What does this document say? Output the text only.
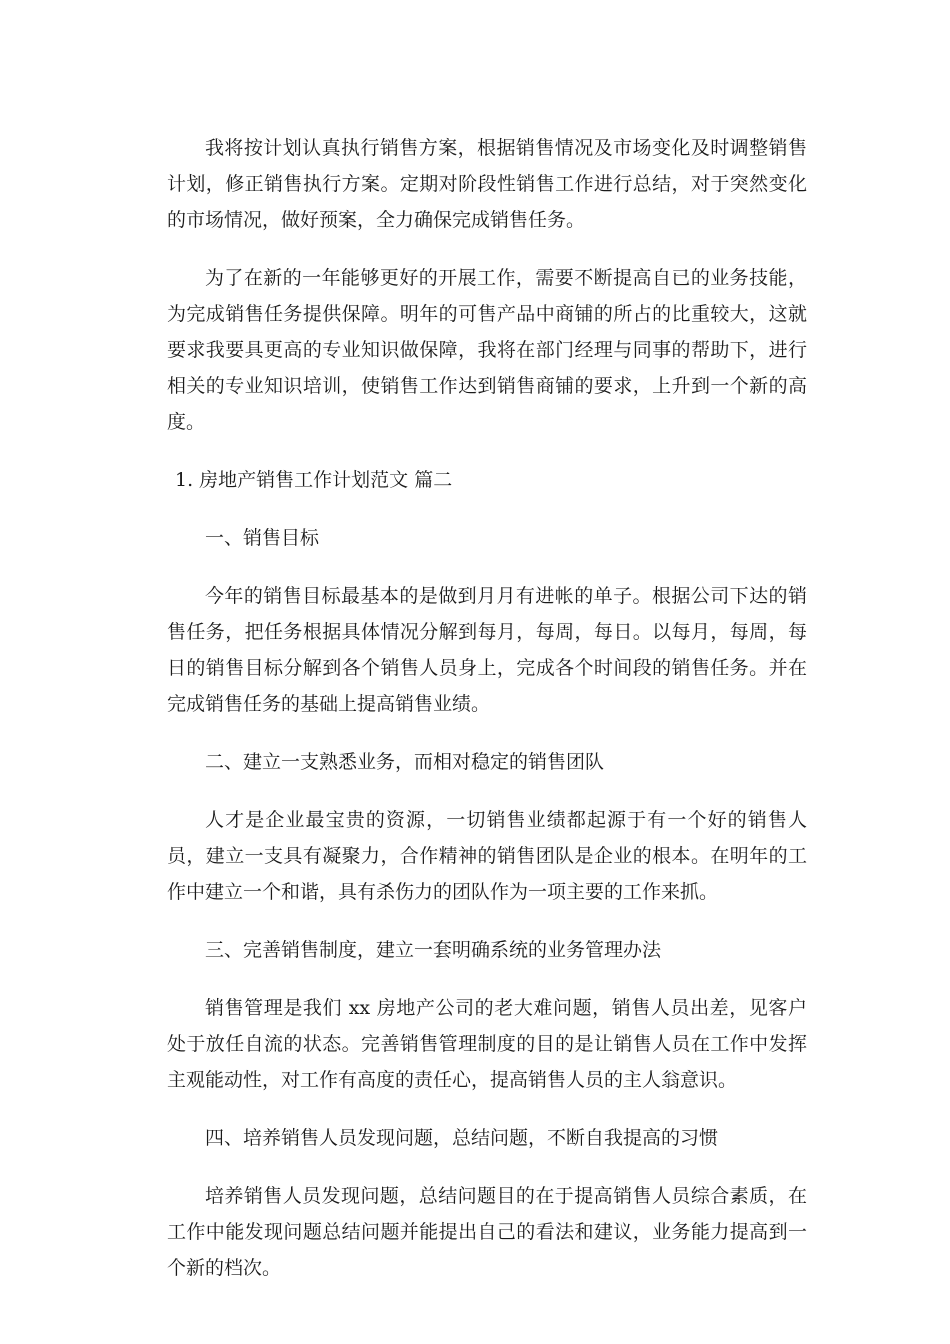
我将按计划认真执行销售方案，根据销售情况及市场变化及时调整销售计划，修正销售执行方案。定期对阶段性销售工作进行总结，对于突然变化的市场情况，做好预案，全力确保完成销售任务。

为了在新的一年能够更好的开展工作，需要不断提高自已的业务技能，为完成销售任务提供保障。明年的可售产品中商铺的所占的比重较大，这就要求我要具更高的专业知识做保障，我将在部门经理与同事的帮助下，进行相关的专业知识培训，使销售工作达到销售商铺的要求，上升到一个新的高度。

1. 房地产销售工作计划范文 篇二

一、销售目标

今年的销售目标最基本的是做到月月有进帐的单子。根据公司下达的销售任务，把任务根据具体情况分解到每月，每周，每日。以每月，每周，每日的销售目标分解到各个销售人员身上，完成各个时间段的销售任务。并在完成销售任务的基础上提高销售业绩。

二、建立一支熟悉业务，而相对稳定的销售团队

人才是企业最宝贵的资源，一切销售业绩都起源于有一个好的销售人员，建立一支具有凝聚力，合作精神的销售团队是企业的根本。在明年的工作中建立一个和谐，具有杀伤力的团队作为一项主要的工作来抓。

三、完善销售制度，建立一套明确系统的业务管理办法

销售管理是我们 xx 房地产公司的老大难问题，销售人员出差，见客户处于放任自流的状态。完善销售管理制度的目的是让销售人员在工作中发挥主观能动性，对工作有高度的责任心，提高销售人员的主人翁意识。

四、培养销售人员发现问题，总结问题，不断自我提高的习惯

培养销售人员发现问题，总结问题目的在于提高销售人员综合素质，在工作中能发现问题总结问题并能提出自己的看法和建议，业务能力提高到一个新的档次。
